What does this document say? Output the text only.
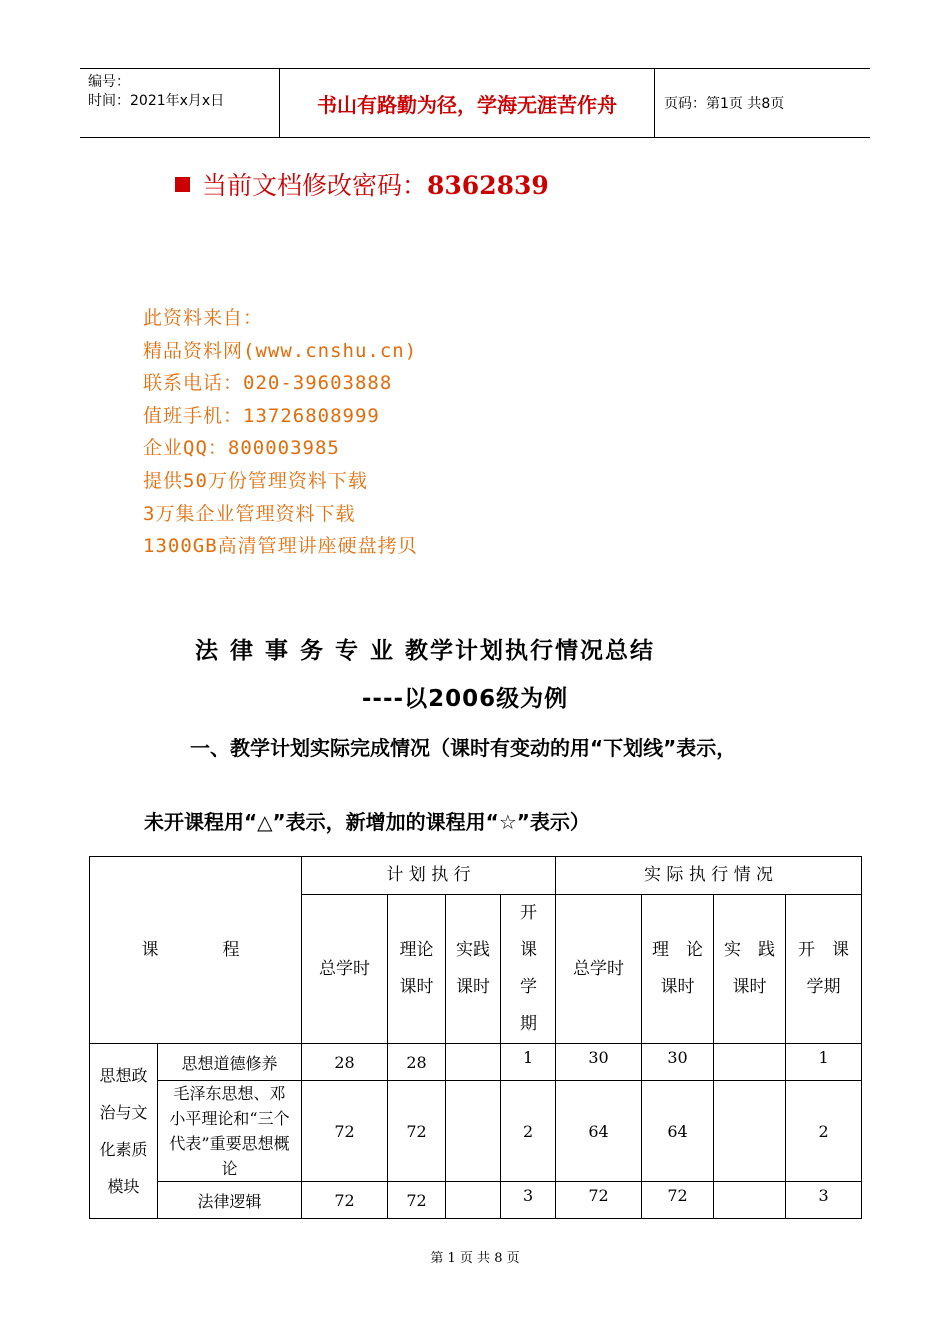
编号：
时间：2021年x月x日	书山有路勤为径，学海无涯苦作舟	页码：第1页 共8页
当前文档修改密码：8362839
此资料来自：
精品资料网(www.cnshu.cn)
联系电话：020-39603888
值班手机：13726808999
企业QQ：800003985
提供50万份管理资料下载
3万集企业管理资料下载
1300GB高清管理讲座硬盘拷贝
法 律 事 务 专 业 教学计划执行情况总结
----以2006级为例
一、教学计划实际完成情况（课时有变动的用“下划线”表示，
未开课程用“△”表示，新增加的课程用“☆”表示）
课　　程		计 划 执 行				实 际 执 行 情 况			
		总学时	理论课时	实践课时	开课学期	总学时	理　论课时	实　践课时	开　课学期

思想政治与文化素质模块	思想道德修养	28	28		1	30	30		1

	毛泽东思想、邓小平理论和“三个代表”重要思想概论	72	72		2	64	64		2
	法律逻辑	72	72		3	72	72		3
第 1 页 共 8 页
